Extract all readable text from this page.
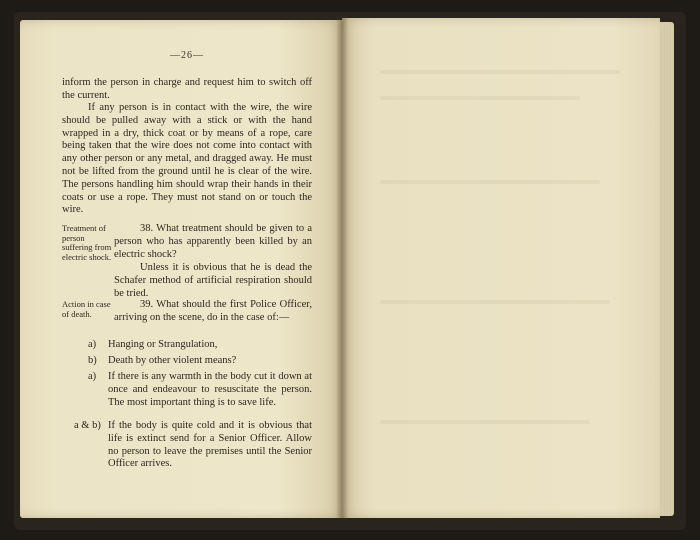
—26—
inform the person in charge and request him to switch off the current.
If any person is in contact with the wire, the wire should be pulled away with a stick or with the hand wrapped in a dry, thick coat or by means of a rope, care being taken that the wire does not come into contact with any other person or any metal, and dragged away. He must not be lifted from the ground until he is clear of the wire. The persons handling him should wrap their hands in their coats or use a rope. They must not stand on or touch the wire.
Treatment of person suffering from electric shock.
38. What treatment should be given to a person who has apparently been killed by an electric shock?
Unless it is obvious that he is dead the Schafer method of artificial respiration should be tried.
Action in case of death.
39. What should the first Police Officer, arriving on the scene, do in the case of:—
a) Hanging or Strangulation,
b) Death by other violent means?
a) If there is any warmth in the body cut it down at once and endeavour to resuscitate the person. The most important thing is to save life.
a & b) If the body is quite cold and it is obvious that life is extinct send for a Senior Officer. Allow no person to leave the premises until the Senior Officer arrives.
